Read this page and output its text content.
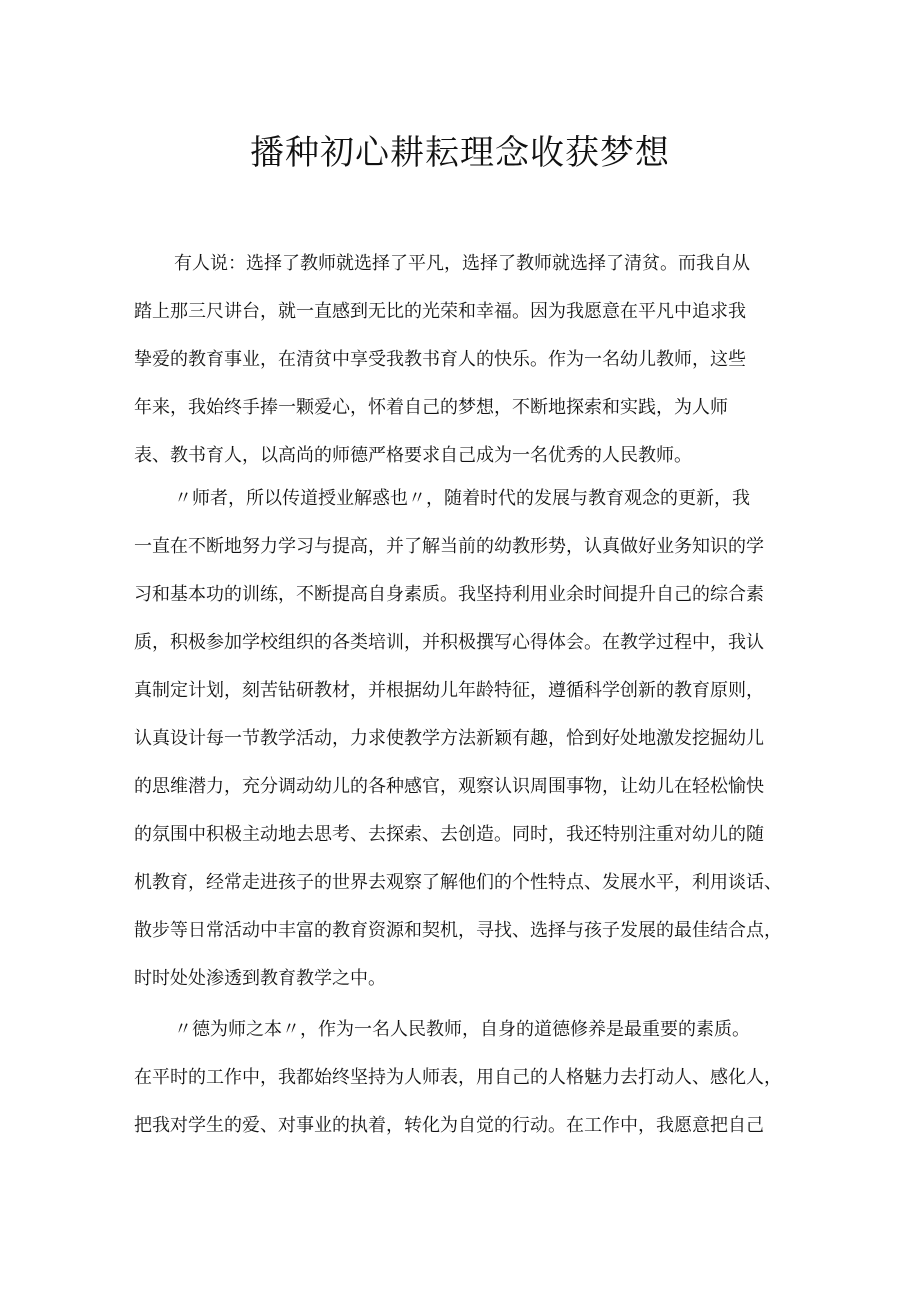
播种初心耕耘理念收获梦想
有人说：选择了教师就选择了平凡，选择了教师就选择了清贫。而我自从
踏上那三尺讲台，就一直感到无比的光荣和幸福。因为我愿意在平凡中追求我
挚爱的教育事业，在清贫中享受我教书育人的快乐。作为一名幼儿教师，这些
年来，我始终手捧一颗爱心，怀着自己的梦想，不断地探索和实践，为人师
表、教书育人，以高尚的师德严格要求自己成为一名优秀的人民教师。
〃师者，所以传道授业解惑也〃，随着时代的发展与教育观念的更新，我
一直在不断地努力学习与提高，并了解当前的幼教形势，认真做好业务知识的学
习和基本功的训练，不断提高自身素质。我坚持利用业余时间提升自己的综合素
质，积极参加学校组织的各类培训，并积极撰写心得体会。在教学过程中，我认
真制定计划，刻苦钻研教材，并根据幼儿年龄特征，遵循科学创新的教育原则，
认真设计每一节教学活动，力求使教学方法新颖有趣，恰到好处地激发挖掘幼儿
的思维潜力，充分调动幼儿的各种感官，观察认识周围事物，让幼儿在轻松愉快
的氛围中积极主动地去思考、去探索、去创造。同时，我还特别注重对幼儿的随
机教育，经常走进孩子的世界去观察了解他们的个性特点、发展水平，利用谈话、
散步等日常活动中丰富的教育资源和契机，寻找、选择与孩子发展的最佳结合点，
时时处处渗透到教育教学之中。
〃德为师之本〃，作为一名人民教师，自身的道德修养是最重要的素质。
在平时的工作中，我都始终坚持为人师表，用自己的人格魅力去打动人、感化人，
把我对学生的爱、对事业的执着，转化为自觉的行动。在工作中，我愿意把自己
